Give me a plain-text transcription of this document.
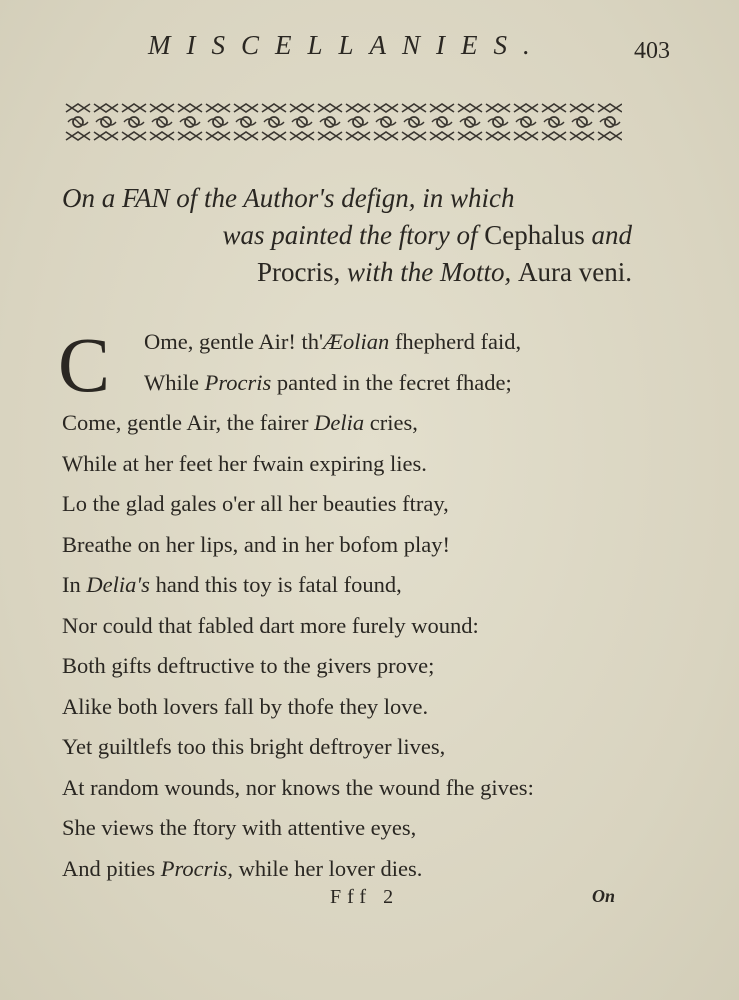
MISCELLANIES.	403
On a FAN of the Author's defign, in which
was painted the ftory of Cephalus and
Procris, with the Motto, Aura veni.
C	Ome, gentle Air! th'Æolian fhepherd faid,
While Procris panted in the fecret fhade;
Come, gentle Air, the fairer Delia cries,
While at her feet her fwain expiring lies.
Lo the glad gales o'er all her beauties ftray,
Breathe on her lips, and in her bofom play!
In Delia's hand this toy is fatal found,
Nor could that fabled dart more furely wound:
Both gifts deftructive to the givers prove;
Alike both lovers fall by thofe they love.
Yet guiltlefs too this bright deftroyer lives,
At random wounds, nor knows the wound fhe gives:
She views the ftory with attentive eyes,
And pities Procris, while her lover dies.
Fff 2	On
